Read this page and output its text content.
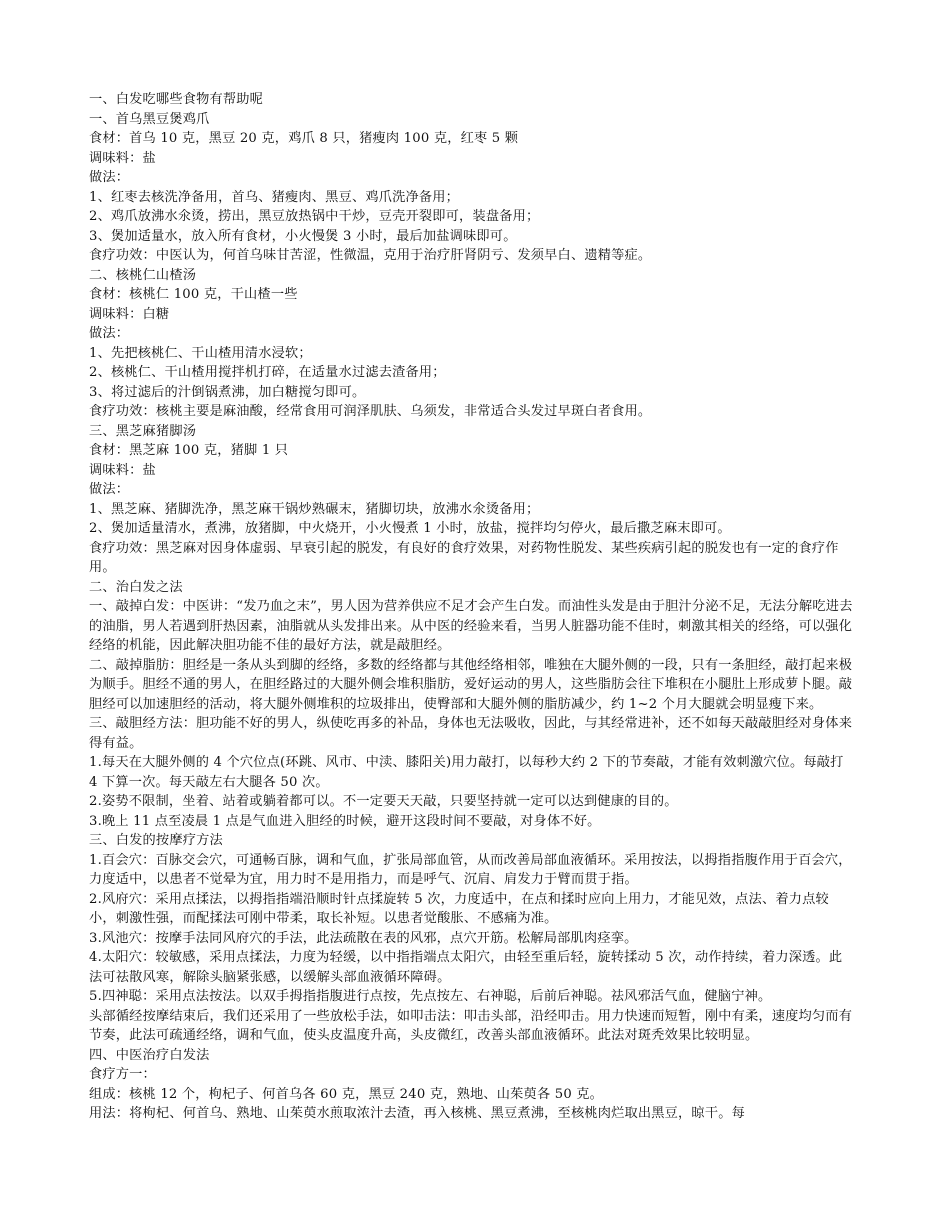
一、白发吃哪些食物有帮助呢
一、首乌黑豆煲鸡爪
食材：首乌 10 克，黑豆 20 克，鸡爪 8 只，猪瘦肉 100 克，红枣 5 颗
调味料：盐
做法：
1、红枣去核洗净备用，首乌、猪瘦肉、黑豆、鸡爪洗净备用；
2、鸡爪放沸水氽烫，捞出，黑豆放热锅中干炒，豆壳开裂即可，装盘备用；
3、煲加适量水，放入所有食材，小火慢煲 3 小时，最后加盐调味即可。
食疗功效：中医认为，何首乌味甘苦涩，性微温，克用于治疗肝肾阴亏、发须早白、遗精等症。
二、核桃仁山楂汤
食材：核桃仁 100 克，干山楂一些
调味料：白糖
做法：
1、先把核桃仁、干山楂用清水浸软；
2、核桃仁、干山楂用搅拌机打碎，在适量水过滤去渣备用；
3、将过滤后的汁倒锅煮沸，加白糖搅匀即可。
食疗功效：核桃主要是麻油酸，经常食用可润泽肌肤、乌须发，非常适合头发过早斑白者食用。
三、黑芝麻猪脚汤
食材：黑芝麻 100 克，猪脚 1 只
调味料：盐
做法：
1、黑芝麻、猪脚洗净，黑芝麻干锅炒熟碾末，猪脚切块，放沸水氽烫备用；
2、煲加适量清水，煮沸，放猪脚，中火烧开，小火慢煮 1 小时，放盐，搅拌均匀停火，最后撒芝麻末即可。
食疗功效：黑芝麻对因身体虚弱、早衰引起的脱发，有良好的食疗效果，对药物性脱发、某些疾病引起的脱发也有一定的食疗作用。
二、治白发之法
一、敲掉白发：中医讲：“发乃血之末”，男人因为营养供应不足才会产生白发。而油性头发是由于胆汁分泌不足，无法分解吃进去的油脂，男人若遇到肝热因素，油脂就从头发排出来。从中医的经验来看，当男人脏器功能不佳时，刺激其相关的经络，可以强化经络的机能，因此解决胆功能不佳的最好方法，就是敲胆经。
二、敲掉脂肪：胆经是一条从头到脚的经络，多数的经络都与其他经络相邻，唯独在大腿外侧的一段，只有一条胆经，敲打起来极为顺手。胆经不通的男人，在胆经路过的大腿外侧会堆积脂肪，爱好运动的男人，这些脂肪会往下堆积在小腿肚上形成萝卜腿。敲胆经可以加速胆经的活动，将大腿外侧堆积的垃圾排出，使臀部和大腿外侧的脂肪减少，约 1~2 个月大腿就会明显瘦下来。
三、敲胆经方法：胆功能不好的男人，纵使吃再多的补品，身体也无法吸收，因此，与其经常进补，还不如每天敲敲胆经对身体来得有益。
1.每天在大腿外侧的 4 个穴位点(环跳、风市、中渎、膝阳关)用力敲打，以每秒大约 2 下的节奏敲，才能有效刺激穴位。每敲打 4 下算一次。每天敲左右大腿各 50 次。
2.姿势不限制，坐着、站着或躺着都可以。不一定要天天敲，只要坚持就一定可以达到健康的目的。
3.晚上 11 点至凌晨 1 点是气血进入胆经的时候，避开这段时间不要敲，对身体不好。
三、白发的按摩疗方法
1.百会穴：百脉交会穴，可通畅百脉，调和气血，扩张局部血管，从而改善局部血液循环。采用按法，以拇指指腹作用于百会穴，力度适中，以患者不觉晕为宜，用力时不是用指力，而是呼气、沉肩、肩发力于臂而贯于指。
2.风府穴：采用点揉法，以拇指指端沿顺时针点揉旋转 5 次，力度适中，在点和揉时应向上用力，才能见效，点法、着力点较小，刺激性强，而配揉法可刚中带柔，取长补短。以患者觉酸胀、不感痛为准。
3.风池穴：按摩手法同风府穴的手法，此法疏散在表的风邪，点穴开筋。松解局部肌肉痉挛。
4.太阳穴：较敏感，采用点揉法，力度为轻缓，以中指指端点太阳穴，由轻至重后轻，旋转揉动 5 次，动作持续，着力深透。此法可祛散风寒，解除头脑紧张感，以缓解头部血液循环障碍。
5.四神聪：采用点法按法。以双手拇指指腹进行点按，先点按左、右神聪，后前后神聪。祛风邪活气血，健脑宁神。
头部循经按摩结束后，我们还采用了一些放松手法，如叩击法：叩击头部，沿经叩击。用力快速而短暂，刚中有柔，速度均匀而有节奏，此法可疏通经络，调和气血，使头皮温度升高，头皮微红，改善头部血液循环。此法对斑秃效果比较明显。
四、中医治疗白发法
食疗方一：
组成：核桃 12 个，枸杞子、何首乌各 60 克，黑豆 240 克，熟地、山茱萸各 50 克。
用法：将枸杞、何首乌、熟地、山茱萸水煎取浓汁去渣，再入核桃、黑豆煮沸，至核桃肉烂取出黑豆，晾干。每
